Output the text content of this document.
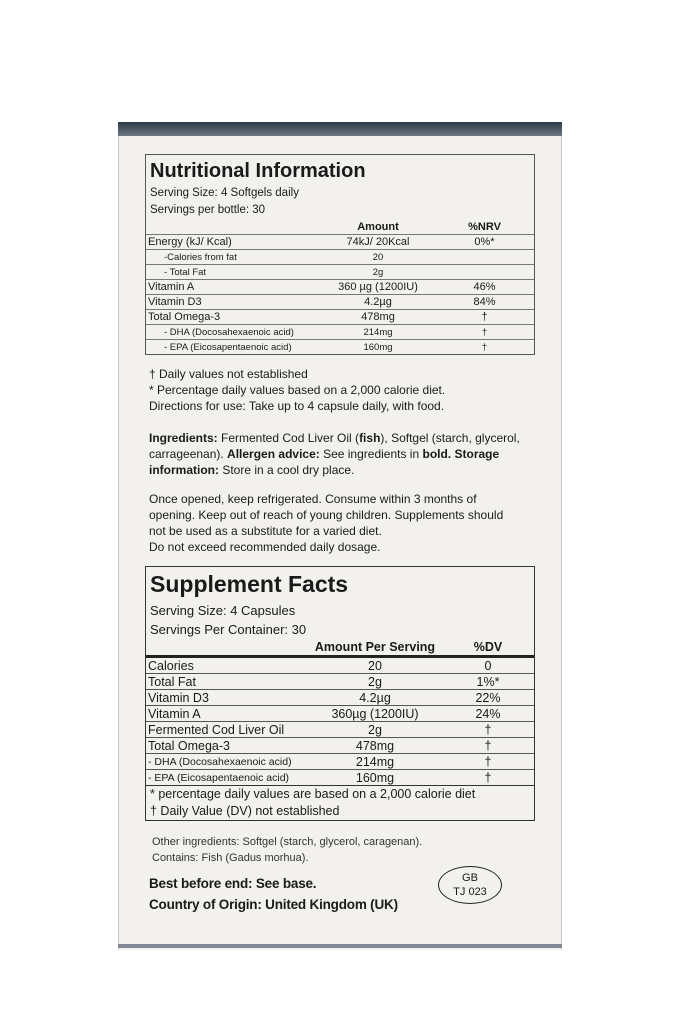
Nutritional Information
Serving Size: 4 Softgels daily
Servings per bottle: 30
	Amount	%NRV
Energy (kJ/ Kcal)	74kJ/ 20Kcal	0%*
-Calories from fat	20	
- Total Fat	2g	
Vitamin A	360 µg (1200IU)	46%
Vitamin D3	4.2µg	84%
Total Omega-3	478mg	†
- DHA (Docosahexaenoic acid)	214mg	†
- EPA (Eicosapentaenoic acid)	160mg	†
† Daily values not established
* Percentage daily values based on a 2,000 calorie diet.
Directions for use: Take up to 4 capsule daily, with food.
Ingredients: Fermented Cod Liver Oil (fish), Softgel (starch, glycerol, carrageenan). Allergen advice: See ingredients in bold. Storage information: Store in a cool dry place.
Once opened, keep refrigerated. Consume within 3 months of
opening. Keep out of reach of young children. Supplements should
not be used as a substitute for a varied diet.
Do not exceed recommended daily dosage.
Supplement Facts
Serving Size: 4 Capsules
Servings Per Container: 30
	Amount Per Serving	%DV
Calories	20	0
Total Fat	2g	1%*
Vitamin D3	4.2µg	22%
Vitamin A	360µg (1200IU)	24%
Fermented Cod Liver Oil	2g	†
Total Omega-3	478mg	†
- DHA (Docosahexaenoic acid)	214mg	†
- EPA (Eicosapentaenoic acid)	160mg	†
* percentage daily values are based on a 2,000 calorie diet
† Daily Value (DV) not established
Other ingredients: Softgel (starch, glycerol, caragenan).
Contains: Fish (Gadus morhua).
Best before end: See base.
Country of Origin: United Kingdom (UK)
GB
TJ 023
